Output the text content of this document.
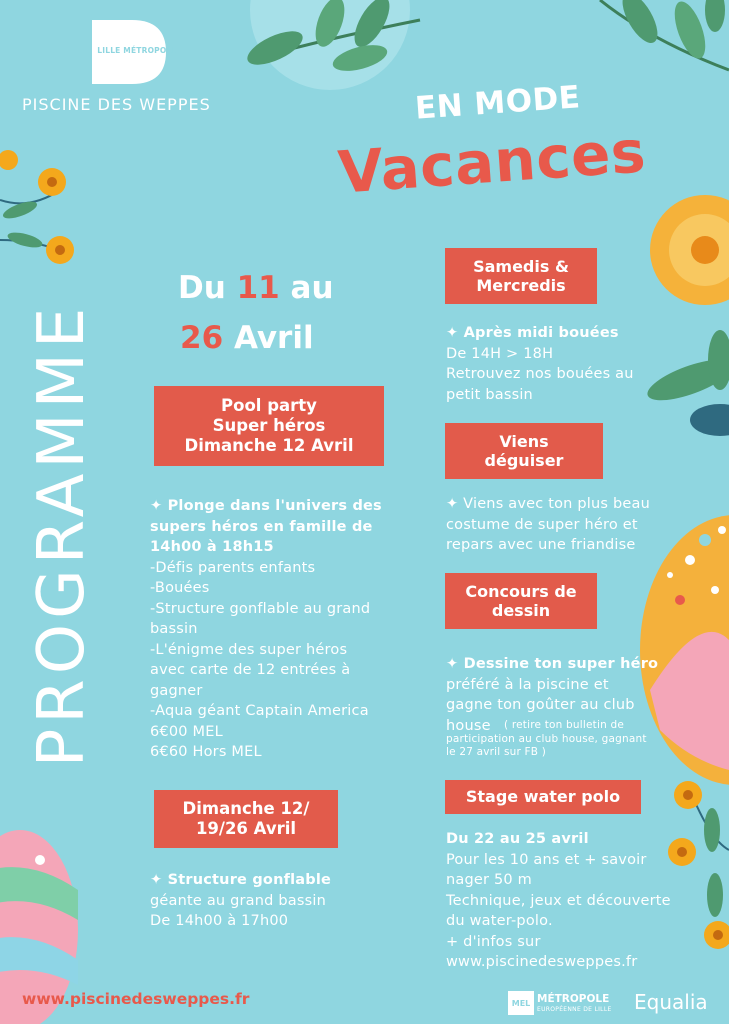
LILLE MÉTROPOLE
PISCINE DES WEPPES	EN MODE
Vacances
PROGRAMME
Du 11 au
26 Avril
Pool party
Super héros
Dimanche 12 Avril
✦ Plonge dans l'univers des
supers héros en famille de
14h00 à 18h15
-Défis parents enfants
-Bouées
-Structure gonflable au grand
bassin
-L'énigme des super héros
avec carte de 12 entrées à
gagner
-Aqua géant Captain America
6€00 MEL
6€60 Hors MEL
Dimanche 12/
19/26 Avril
✦ Structure gonflable
géante au grand bassin
De 14h00 à 17h00
Samedis &
Mercredis
✦ Après midi bouées
De 14H > 18H
Retrouvez nos bouées au
petit bassin
Viens
déguiser
✦ Viens avec ton plus beau
costume de super héro et
repars avec une friandise
Concours de
dessin
✦ Dessine ton super héro
préféré à la piscine et
gagne ton goûter au club
house	( retire ton bulletin de
participation au club house, gagnant
le 27 avril sur FB )
Stage water polo
Du 22 au 25 avril
Pour les 10 ans et + savoir
nager 50 m
Technique, jeux et découverte
du water-polo.
+ d'infos sur
www.piscinedesweppes.fr
www.piscinedesweppes.fr	MEL MÉTROPOLE
EUROPÉENNE DE LILLE Equalia
